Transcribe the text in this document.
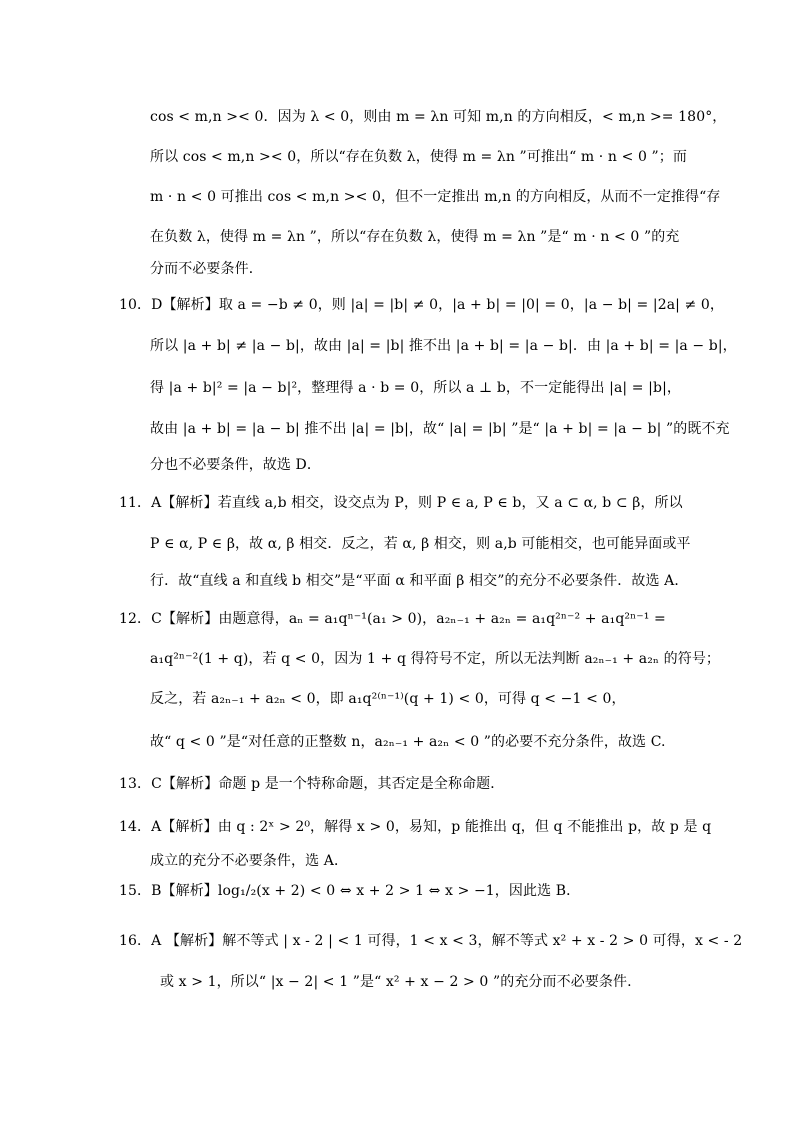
cos < m,n >< 0．因为 λ < 0，则由 m = λn 可知 m,n 的方向相反，< m,n >= 180°，
所以 cos < m,n >< 0，所以“存在负数 λ，使得 m = λn ”可推出“ m · n < 0 ”；而
m · n < 0 可推出 cos < m,n >< 0，但不一定推出 m,n 的方向相反，从而不一定推得“存
在负数 λ，使得 m = λn ”，所以“存在负数 λ，使得 m = λn ”是“ m · n < 0 ”的充
分而不必要条件．
10．D【解析】取 a = −b ≠ 0，则 |a| = |b| ≠ 0，|a + b| = |0| = 0，|a − b| = |2a| ≠ 0，
所以 |a + b| ≠ |a − b|，故由 |a| = |b| 推不出 |a + b| = |a − b|．由 |a + b| = |a − b|，
得 |a + b|² = |a − b|²，整理得 a · b = 0，所以 a ⊥ b，不一定能得出 |a| = |b|，
故由 |a + b| = |a − b| 推不出 |a| = |b|，故“ |a| = |b| ”是“ |a + b| = |a − b| ”的既不充
分也不必要条件，故选 D．
11．A【解析】若直线 a,b 相交，设交点为 P，则 P ∈ a, P ∈ b，又 a ⊂ α, b ⊂ β，所以
P ∈ α, P ∈ β，故 α, β 相交．反之，若 α, β 相交，则 a,b 可能相交，也可能异面或平
行．故“直线 a 和直线 b 相交”是“平面 α 和平面 β 相交”的充分不必要条件．故选 A．
12．C【解析】由题意得，aₙ = a₁qⁿ⁻¹(a₁ > 0)，a₂ₙ₋₁ + a₂ₙ = a₁q²ⁿ⁻² + a₁q²ⁿ⁻¹ =
a₁q²ⁿ⁻²(1 + q)，若 q < 0，因为 1 + q 得符号不定，所以无法判断 a₂ₙ₋₁ + a₂ₙ 的符号；
反之，若 a₂ₙ₋₁ + a₂ₙ < 0，即 a₁q²⁽ⁿ⁻¹⁾(q + 1) < 0，可得 q < −1 < 0，
故“ q < 0 ”是“对任意的正整数 n，a₂ₙ₋₁ + a₂ₙ < 0 ”的必要不充分条件，故选 C.
13．C【解析】命题 p 是一个特称命题，其否定是全称命题．
14．A【解析】由 q : 2ˣ > 2⁰，解得 x > 0，易知，p 能推出 q，但 q 不能推出 p，故 p 是 q
成立的充分不必要条件，选 A．
15．B【解析】log₁/₂(x + 2) < 0 ⇔ x + 2 > 1 ⇔ x > −1，因此选 B．
16．A 【解析】解不等式 | x - 2 | < 1 可得，1 < x < 3，解不等式 x² + x - 2 > 0 可得，x < - 2
或 x > 1，所以“ |x − 2| < 1 ”是“ x² + x − 2 > 0 ”的充分而不必要条件.
